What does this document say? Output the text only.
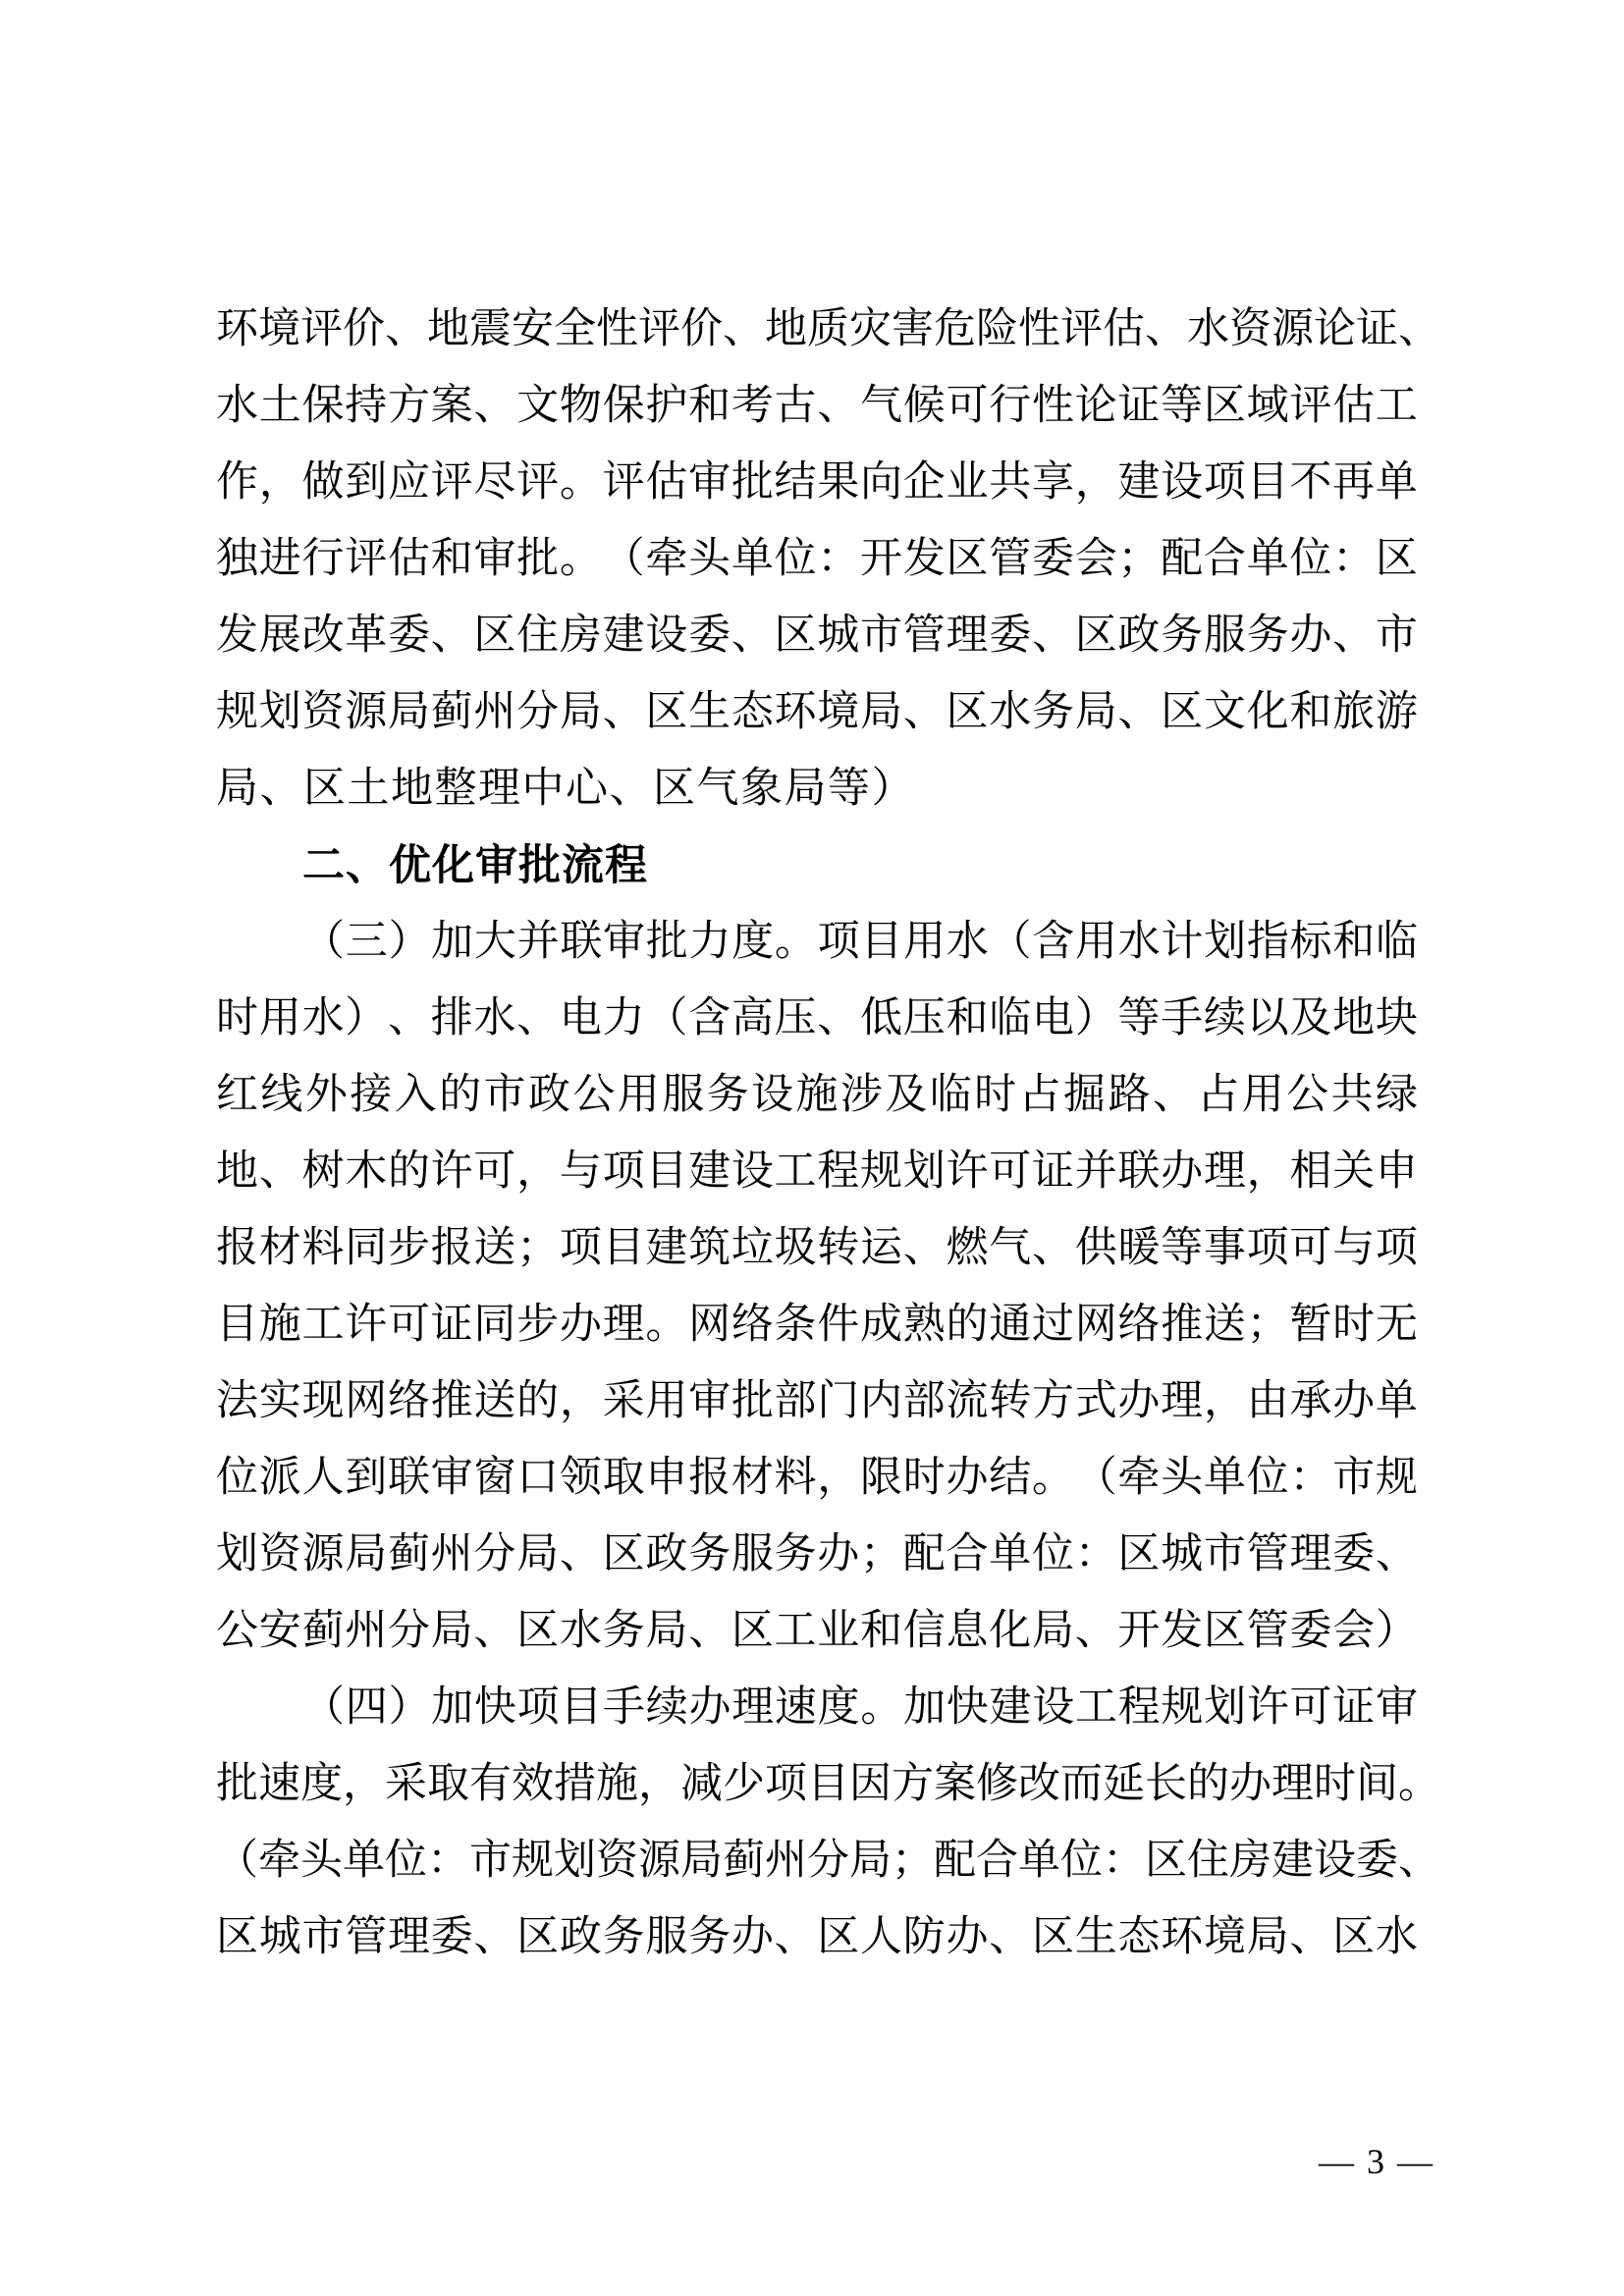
环 境 评 价 、 地 震 安 全 性 评 价 、 地 质 灾 害 危 险 性 评 估 、 水 资 源 论 证 、
水 土 保 持 方 案 、 文 物 保 护 和 考 古 、 气 候 可 行 性 论 证 等 区 域 评 估 工
作 ， 做 到 应 评 尽 评 。 评 估 审 批 结 果 向 企 业 共 享 ， 建 设 项 目 不 再 单
独 进 行 评 估 和 审 批 。 （ 牵 头 单 位 ： 开 发 区 管 委 会 ； 配 合 单 位 ： 区
发 展 改 革 委 、 区 住 房 建 设 委 、 区 城 市 管 理 委 、 区 政 务 服 务 办 、 市
规 划 资 源 局 蓟 州 分 局 、 区 生 态 环 境 局 、 区 水 务 局 、 区 文 化 和 旅 游
局、区土地整理中心、区气象局等）
二、优化审批流程
（ 三 ） 加 大 并 联 审 批 力 度 。 项 目 用 水 （ 含 用 水 计 划 指 标 和 临
时 用 水 ） 、 排 水 、 电 力 （ 含 高 压 、 低 压 和 临 电 ） 等 手 续 以 及 地 块
红 线 外 接 入 的 市 政 公 用 服 务 设 施 涉 及 临 时 占 掘 路 、 占 用 公 共 绿
地 、 树 木 的 许 可 ， 与 项 目 建 设 工 程 规 划 许 可 证 并 联 办 理 ， 相 关 申
报 材 料 同 步 报 送 ； 项 目 建 筑 垃 圾 转 运 、 燃 气 、 供 暖 等 事 项 可 与 项
目 施 工 许 可 证 同 步 办 理 。 网 络 条 件 成 熟 的 通 过 网 络 推 送 ； 暂 时 无
法 实 现 网 络 推 送 的 ， 采 用 审 批 部 门 内 部 流 转 方 式 办 理 ， 由 承 办 单
位 派 人 到 联 审 窗 口 领 取 申 报 材 料 ， 限 时 办 结 。 （ 牵 头 单 位 ： 市 规
划 资 源 局 蓟 州 分 局 、 区 政 务 服 务 办 ； 配 合 单 位 ： 区 城 市 管 理 委 、
公 安 蓟 州 分 局 、 区 水 务 局 、 区 工 业 和 信 息 化 局 、 开 发 区 管 委 会 ）
（ 四 ） 加 快 项 目 手 续 办 理 速 度 。 加 快 建 设 工 程 规 划 许 可 证 审
批 速 度 ， 采 取 有 效 措 施 ， 减 少 项 目 因 方 案 修 改 而 延 长 的 办 理 时 间 。
（ 牵 头 单 位 ： 市 规 划 资 源 局 蓟 州 分 局 ； 配 合 单 位 ： 区 住 房 建 设 委 、
区 城 市 管 理 委 、 区 政 务 服 务 办 、 区 人 防 办 、 区 生 态 环 境 局 、 区 水
— 3 —
